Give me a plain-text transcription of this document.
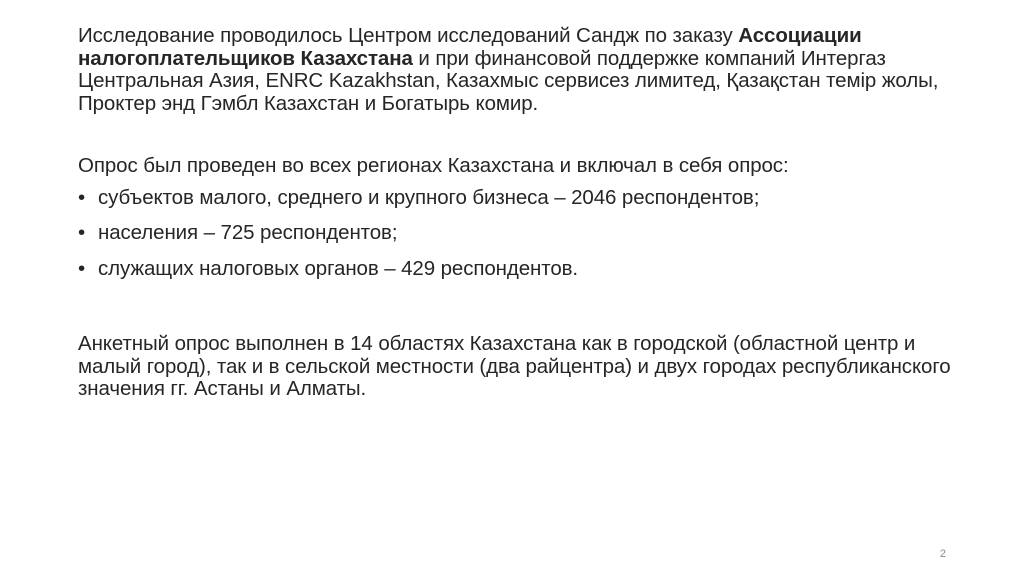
Исследование проводилось Центром исследований Сандж по заказу Ассоциации налогоплательщиков Казахстана и при финансовой поддержке компаний Интергаз Центральная Азия, ENRC Kazakhstan, Казахмыс сервисез лимитед, Қазақстан темір жолы, Проктер энд Гэмбл Казахстан и Богатырь комир.

Опрос был проведен во всех регионах Казахстана и включал в себя опрос:

• субъектов малого, среднего и крупного бизнеса – 2046 респондентов;
• населения – 725 респондентов;
• служащих налоговых органов – 429 респондентов.

Анкетный опрос выполнен в 14 областях Казахстана как в городской (областной центр и малый город), так и в сельской местности (два райцентра) и двух городах республиканского значения гг. Астаны и Алматы.

2
